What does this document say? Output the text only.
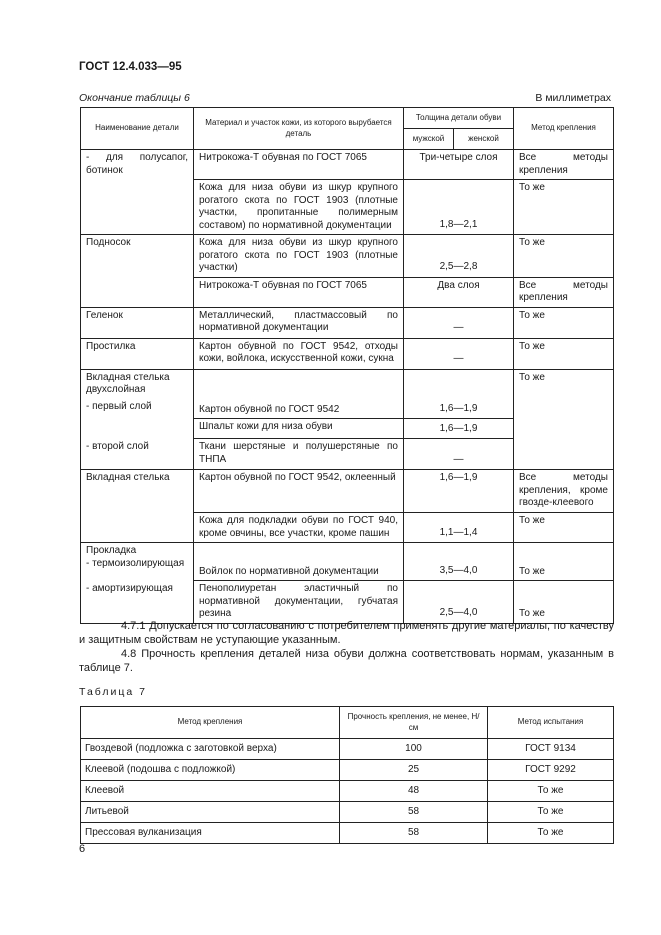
ГОСТ 12.4.033—95
Окончание таблицы 6	В миллиметрах
Наименование детали	Материал и участок кожи, из которого вырубается деталь	Толщина детали обуви		Метод крепления
		мужской	женской	
- для полусапог, ботинок	Нитрокожа-Т обувная по ГОСТ 7065	Три-четыре слоя		Все методы крепления
	Кожа для низа обуви из шкур крупного рогатого скота по ГОСТ 1903 (плотные участки, пропитанные полимерным составом) по нормативной документации	1,8—2,1		То же
Подносок	Кожа для низа обуви из шкур крупного рогатого скота по ГОСТ 1903 (плотные участки)	2,5—2,8		То же
	Нитрокожа-Т обувная по ГОСТ 7065	Два слоя		Все методы крепления
Геленок	Металлический, пластмассовый по нормативной документации	—		То же
Простилка	Картон обувной по ГОСТ 9542, отходы кожи, войлока, искусственной кожи, сукна	—		То же
Вкладная стелька двухслойная				То же
- первый слой	Картон обувной по ГОСТ 9542	1,6—1,9		
	Шпальт кожи для низа обуви	1,6—1,9		
- второй слой	Ткани шерстяные и полушерстяные по ТНПА	—		
Вкладная стелька	Картон обувной по ГОСТ 9542, оклеенный	1,6—1,9		Все методы крепления, кроме гвозде-клеевого
	Кожа для подкладки обуви по ГОСТ 940, кроме овчины, все участки, кроме пашин	1,1—1,4		То же

Прокладка
- термоизолирующая	Войлок по нормативной документации	3,5—4,0		То же
- амортизирующая	Пенополиуретан эластичный по нормативной документации, губчатая резина	2,5—4,0		То же
4.7.1 Допускается по согласованию с потребителем применять другие материалы, по качеству и защитным свойствам не уступающие указанным.
4.8 Прочность крепления деталей низа обуви должна соответствовать нормам, указанным в таблице 7.
Таблица 7
Метод крепления	Прочность крепления, не менее, Н/см	Метод испытания
Гвоздевой (подложка с заготовкой верха)	100	ГОСТ 9134
Клеевой (подошва с подложкой)	25	ГОСТ 9292
Клеевой	48	То же
Литьевой	58	То же
Прессовая вулканизация	58	То же
6
